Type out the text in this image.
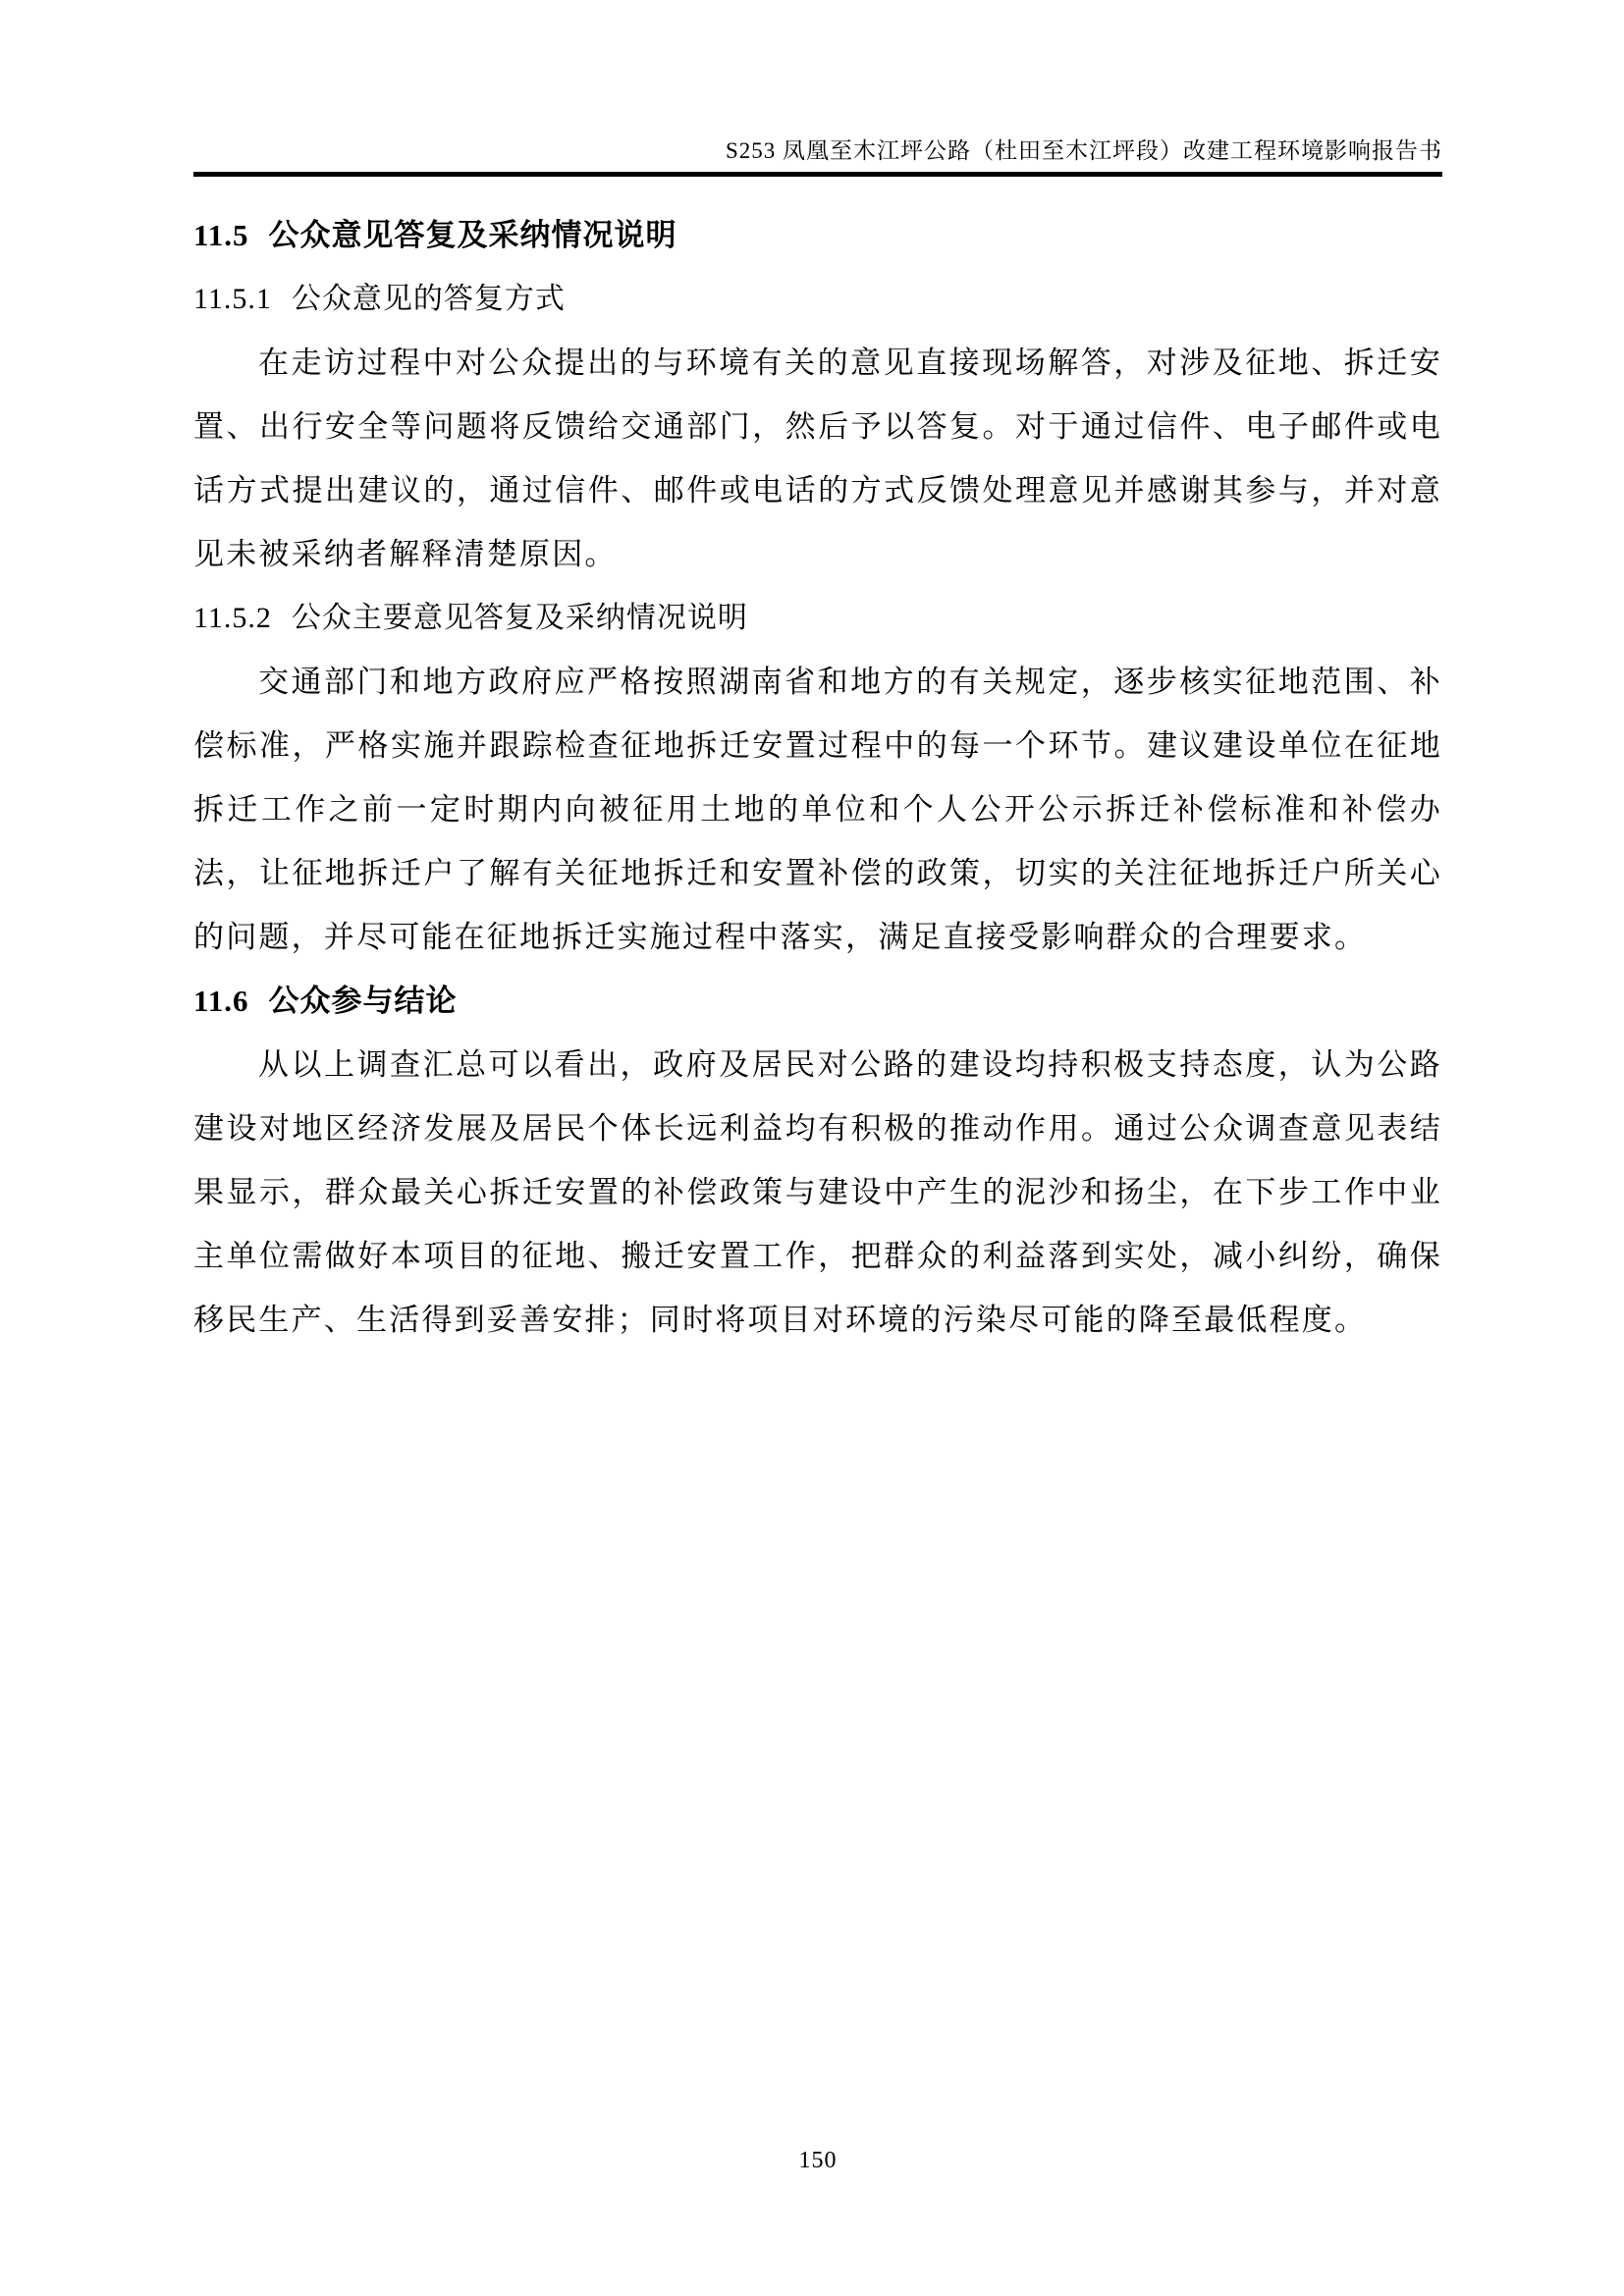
S253 凤凰至木江坪公路（杜田至木江坪段）改建工程环境影响报告书
11.5 公众意见答复及采纳情况说明
11.5.1 公众意见的答复方式

在走访过程中对公众提出的与环境有关的意见直接现场解答，对涉及征地、拆迁安置、出行安全等问题将反馈给交通部门，然后予以答复。对于通过信件、电子邮件或电话方式提出建议的，通过信件、邮件或电话的方式反馈处理意见并感谢其参与，并对意见未被采纳者解释清楚原因。

11.5.2 公众主要意见答复及采纳情况说明

交通部门和地方政府应严格按照湖南省和地方的有关规定，逐步核实征地范围、补偿标准，严格实施并跟踪检查征地拆迁安置过程中的每一个环节。建议建设单位在征地拆迁工作之前一定时期内向被征用土地的单位和个人公开公示拆迁补偿标准和补偿办法，让征地拆迁户了解有关征地拆迁和安置补偿的政策，切实的关注征地拆迁户所关心的问题，并尽可能在征地拆迁实施过程中落实，满足直接受影响群众的合理要求。

11.6 公众参与结论

从以上调查汇总可以看出，政府及居民对公路的建设均持积极支持态度，认为公路建设对地区经济发展及居民个体长远利益均有积极的推动作用。通过公众调查意见表结果显示，群众最关心拆迁安置的补偿政策与建设中产生的泥沙和扬尘，在下步工作中业主单位需做好本项目的征地、搬迁安置工作，把群众的利益落到实处，减小纠纷，确保移民生产、生活得到妥善安排；同时将项目对环境的污染尽可能的降至最低程度。

150
